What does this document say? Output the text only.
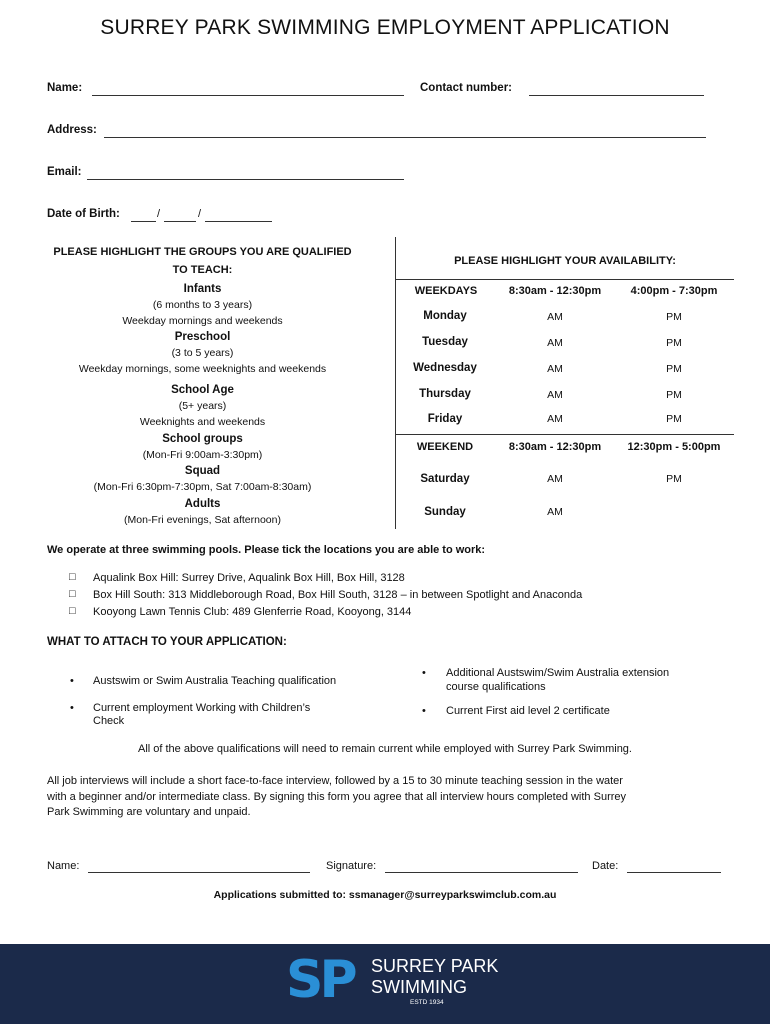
SURREY PARK SWIMMING EMPLOYMENT APPLICATION
Name:	Contact number:
Address:
Email:
Date of Birth:	/	/
PLEASE HIGHLIGHT THE GROUPS YOU ARE QUALIFIED
TO TEACH:
Infants
(6 months to 3 years)
Weekday mornings and weekends
Preschool
(3 to 5 years)
Weekday mornings, some weeknights and weekends
School Age
(5+ years)
Weeknights and weekends
School groups
(Mon-Fri 9:00am-3:30pm)
Squad
(Mon-Fri 6:30pm-7:30pm, Sat 7:00am-8:30am)
Adults
(Mon-Fri evenings, Sat afternoon)
PLEASE HIGHLIGHT YOUR AVAILABILITY:
WEEKDAYS	8:30am - 12:30pm	4:00pm - 7:30pm
Monday	AM	PM
Tuesday	AM	PM
Wednesday	AM	PM
Thursday	AM	PM
Friday	AM	PM
WEEKEND	8:30am - 12:30pm	12:30pm - 5:00pm
Saturday	AM	PM
Sunday	AM
We operate at three swimming pools. Please tick the locations you are able to work:
□ Aqualink Box Hill: Surrey Drive, Aqualink Box Hill, Box Hill, 3128
□ Box Hill South: 313 Middleborough Road, Box Hill South, 3128 – in between Spotlight and Anaconda
□ Kooyong Lawn Tennis Club: 489 Glenferrie Road, Kooyong, 3144
WHAT TO ATTACH TO YOUR APPLICATION:
• Austswim or Swim Australia Teaching qualification
• Current employment Working with Children’s
Check
• Additional Austswim/Swim Australia extension
course qualifications
• Current First aid level 2 certificate
All of the above qualifications will need to remain current while employed with Surrey Park Swimming.
All job interviews will include a short face-to-face interview, followed by a 15 to 30 minute teaching session in the water
with a beginner and/or intermediate class. By signing this form you agree that all interview hours completed with Surrey
Park Swimming are voluntary and unpaid.
Name:	Signature:	Date:
Applications submitted to: ssmanager@surreyparkswimclub.com.au
SP SURREY PARK
SWIMMING
ESTD 1934
